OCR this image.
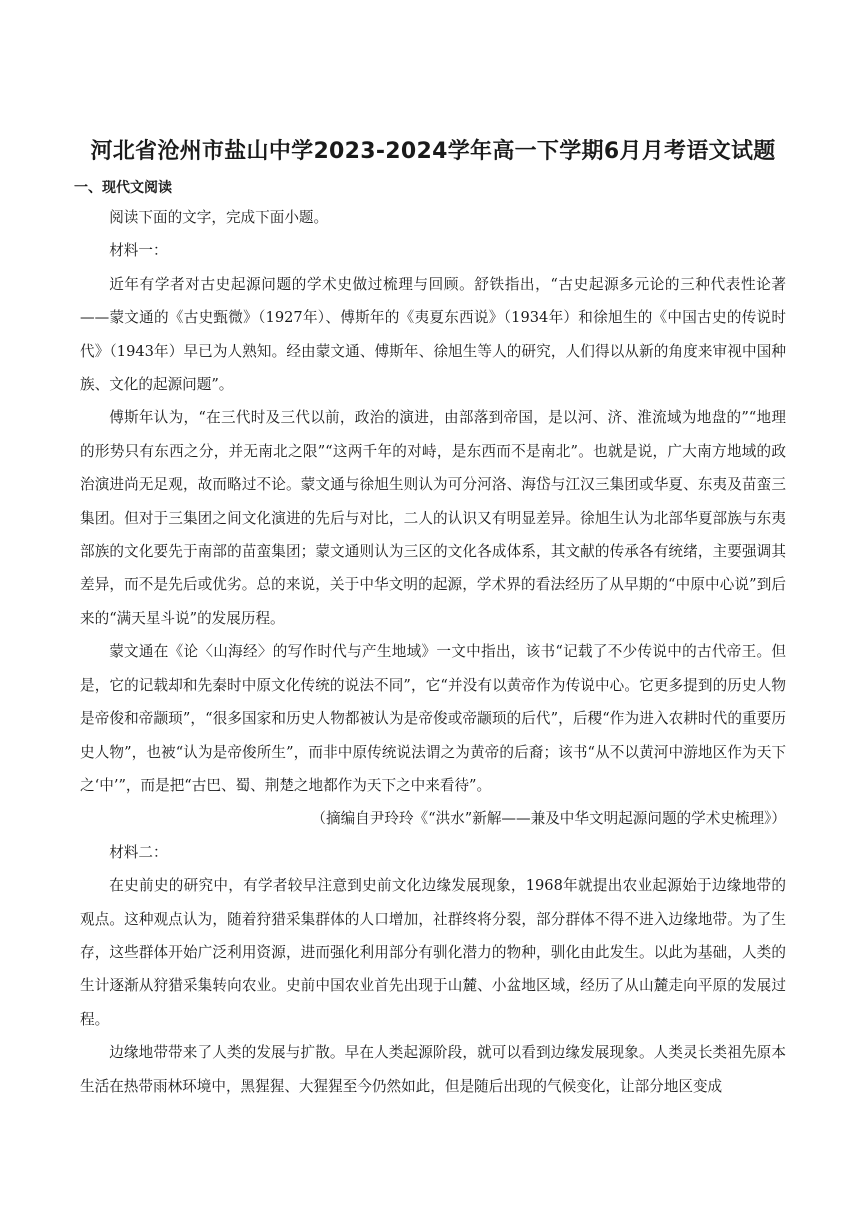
河北省沧州市盐山中学2023-2024学年高一下学期6月月考语文试题
一、现代文阅读

阅读下面的文字，完成下面小题。

材料一：

近年有学者对古史起源问题的学术史做过梳理与回顾。舒铁指出，“古史起源多元论的三种代表性论著——蒙文通的《古史甄微》（1927年）、傅斯年的《夷夏东西说》（1934年）和徐旭生的《中国古史的传说时代》（1943年）早已为人熟知。经由蒙文通、傅斯年、徐旭生等人的研究，人们得以从新的角度来审视中国种族、文化的起源问题”。

傅斯年认为，“在三代时及三代以前，政治的演进，由部落到帝国，是以河、济、淮流域为地盘的”“地理的形势只有东西之分，并无南北之限”“这两千年的对峙，是东西而不是南北”。也就是说，广大南方地域的政治演进尚无足观，故而略过不论。蒙文通与徐旭生则认为可分河洛、海岱与江汉三集团或华夏、东夷及苗蛮三集团。但对于三集团之间文化演进的先后与对比，二人的认识又有明显差异。徐旭生认为北部华夏部族与东夷部族的文化要先于南部的苗蛮集团；蒙文通则认为三区的文化各成体系，其文献的传承各有统绪，主要强调其差异，而不是先后或优劣。总的来说，关于中华文明的起源，学术界的看法经历了从早期的“中原中心说”到后来的“满天星斗说”的发展历程。

蒙文通在《论〈山海经〉的写作时代与产生地域》一文中指出，该书“记载了不少传说中的古代帝王。但是，它的记载却和先秦时中原文化传统的说法不同”，它“并没有以黄帝作为传说中心。它更多提到的历史人物是帝俊和帝颛顼”，“很多国家和历史人物都被认为是帝俊或帝颛顼的后代”，后稷“作为进入农耕时代的重要历史人物”，也被“认为是帝俊所生”，而非中原传统说法谓之为黄帝的后裔；该书“从不以黄河中游地区作为天下之‘中’”，而是把“古巴、蜀、荆楚之地都作为天下之中来看待”。

（摘编自尹玲玲《“洪水”新解——兼及中华文明起源问题的学术史梳理》）

材料二：

在史前史的研究中，有学者较早注意到史前文化边缘发展现象，1968年就提出农业起源始于边缘地带的观点。这种观点认为，随着狩猎采集群体的人口增加，社群终将分裂，部分群体不得不进入边缘地带。为了生存，这些群体开始广泛利用资源，进而强化利用部分有驯化潜力的物种，驯化由此发生。以此为基础，人类的生计逐渐从狩猎采集转向农业。史前中国农业首先出现于山麓、小盆地区域，经历了从山麓走向平原的发展过程。

边缘地带带来了人类的发展与扩散。早在人类起源阶段，就可以看到边缘发展现象。人类灵长类祖先原本生活在热带雨林环境中，黑猩猩、大猩猩至今仍然如此，但是随后出现的气候变化，让部分地区变成
